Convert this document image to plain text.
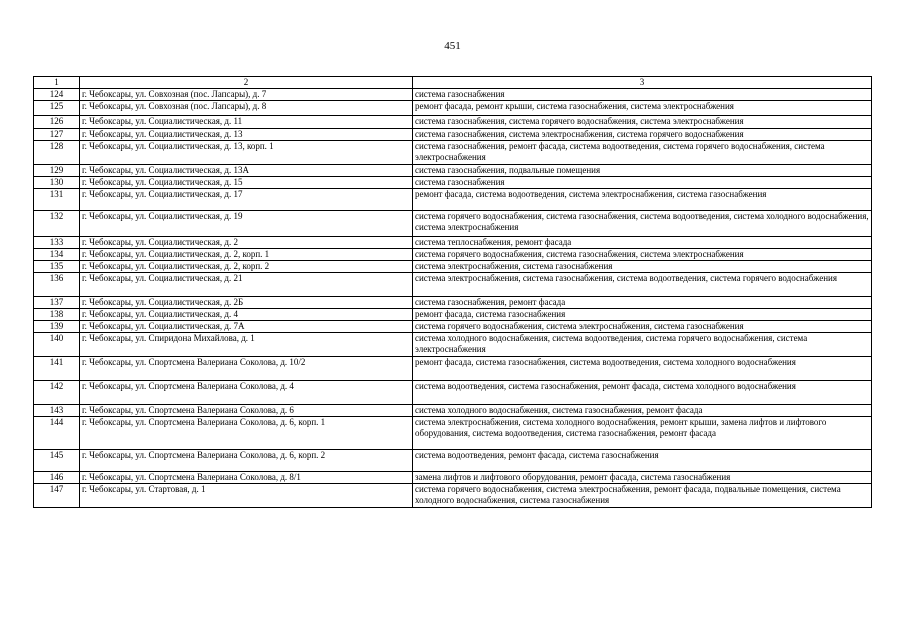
451
1	2	3
124	г. Чебоксары, ул. Совхозная (пос. Лапсары), д. 7	система газоснабжения
125	г. Чебоксары, ул. Совхозная (пос. Лапсары), д. 8	ремонт фасада, ремонт крыши, система газоснабжения, система электроснабжения
126	г. Чебоксары, ул. Социалистическая, д. 11	система газоснабжения, система горячего водоснабжения, система электроснабжения
127	г. Чебоксары, ул. Социалистическая, д. 13	система газоснабжения, система электроснабжения, система горячего водоснабжения
128	г. Чебоксары, ул. Социалистическая, д. 13, корп. 1	система газоснабжения, ремонт фасада, система водоотведения, система горячего водоснабжения, система электроснабжения
129	г. Чебоксары, ул. Социалистическая, д. 13А	система газоснабжения, подвальные помещения
130	г. Чебоксары, ул. Социалистическая, д. 15	система газоснабжения
131	г. Чебоксары, ул. Социалистическая, д. 17	ремонт фасада, система водоотведения, система электроснабжения, система газоснабжения
132	г. Чебоксары, ул. Социалистическая, д. 19	система горячего водоснабжения, система газоснабжения, система водоотведения, система холодного водоснабжения, система электроснабжения
133	г. Чебоксары, ул. Социалистическая, д. 2	система теплоснабжения, ремонт фасада
134	г. Чебоксары, ул. Социалистическая, д. 2, корп. 1	система горячего водоснабжения, система газоснабжения, система электроснабжения
135	г. Чебоксары, ул. Социалистическая, д. 2, корп. 2	система электроснабжения, система газоснабжения
136	г. Чебоксары, ул. Социалистическая, д. 21	система электроснабжения, система газоснабжения, система водоотведения, система горячего водоснабжения
137	г. Чебоксары, ул. Социалистическая, д. 2Б	система газоснабжения, ремонт фасада
138	г. Чебоксары, ул. Социалистическая, д. 4	ремонт фасада, система газоснабжения
139	г. Чебоксары, ул. Социалистическая, д. 7А	система горячего водоснабжения, система электроснабжения, система газоснабжения
140	г. Чебоксары, ул. Спиридона Михайлова, д. 1	система холодного водоснабжения, система водоотведения, система горячего водоснабжения, система электроснабжения
141	г. Чебоксары, ул. Спортсмена Валериана Соколова, д. 10/2	ремонт фасада, система газоснабжения, система водоотведения, система холодного водоснабжения
142	г. Чебоксары, ул. Спортсмена Валериана Соколова, д. 4	система водоотведения, система газоснабжения, ремонт фасада, система холодного водоснабжения
143	г. Чебоксары, ул. Спортсмена Валериана Соколова, д. 6	система холодного водоснабжения, система газоснабжения, ремонт фасада
144	г. Чебоксары, ул. Спортсмена Валериана Соколова, д. 6, корп. 1	система электроснабжения, система холодного водоснабжения, ремонт крыши, замена лифтов и лифтового оборудования, система водоотведения, система газоснабжения, ремонт фасада
145	г. Чебоксары, ул. Спортсмена Валериана Соколова, д. 6, корп. 2	система водоотведения, ремонт фасада, система газоснабжения
146	г. Чебоксары, ул. Спортсмена Валериана Соколова, д. 8/1	замена лифтов и лифтового оборудования, ремонт фасада, система газоснабжения
147	г. Чебоксары, ул. Стартовая, д. 1	система горячего водоснабжения, система электроснабжения, ремонт фасада, подвальные помещения, система холодного водоснабжения, система газоснабжения
